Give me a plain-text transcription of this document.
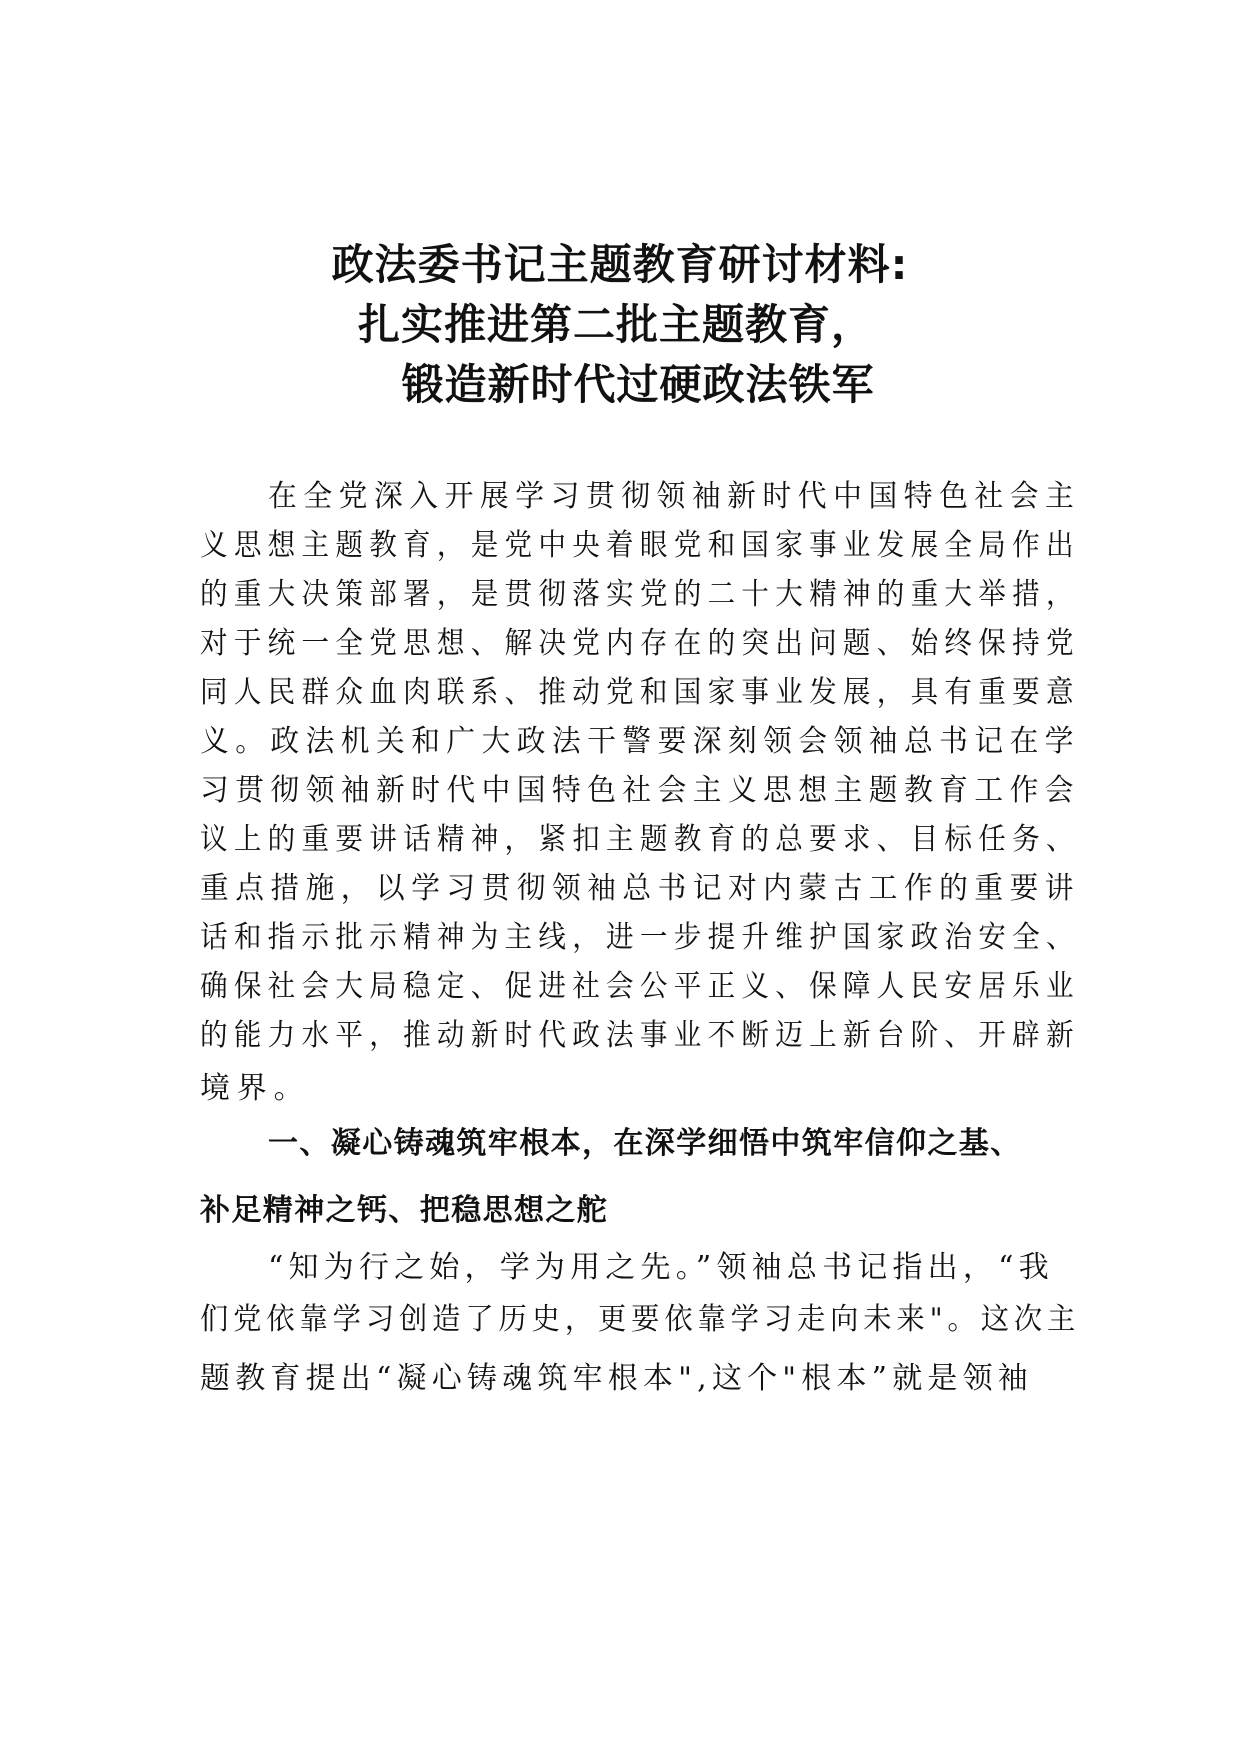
政法委书记主题教育研讨材料:
扎实推进第二批主题教育，
锻造新时代过硬政法铁军
在全党深入开展学习贯彻领袖新时代中国特色社会主
义思想主题教育，是党中央着眼党和国家事业发展全局作出
的重大决策部署，是贯彻落实党的二十大精神的重大举措，
对于统一全党思想、解决党内存在的突出问题、始终保持党
同人民群众血肉联系、推动党和国家事业发展，具有重要意
义。政法机关和广大政法干警要深刻领会领袖总书记在学
习贯彻领袖新时代中国特色社会主义思想主题教育工作会
议上的重要讲话精神，紧扣主题教育的总要求、目标任务、
重点措施，以学习贯彻领袖总书记对内蒙古工作的重要讲
话和指示批示精神为主线，进一步提升维护国家政治安全、
确保社会大局稳定、促进社会公平正义、保障人民安居乐业
的能力水平，推动新时代政法事业不断迈上新台阶、开辟新
境界。
一、凝心铸魂筑牢根本，在深学细悟中筑牢信仰之基、
补足精神之钙、把稳思想之舵
“知为行之始，学为用之先。”领袖总书记指出，“我
们党依靠学习创造了历史，更要依靠学习走向未来"。这次主
题教育提出“凝心铸魂筑牢根本",这个"根本”就是领袖
